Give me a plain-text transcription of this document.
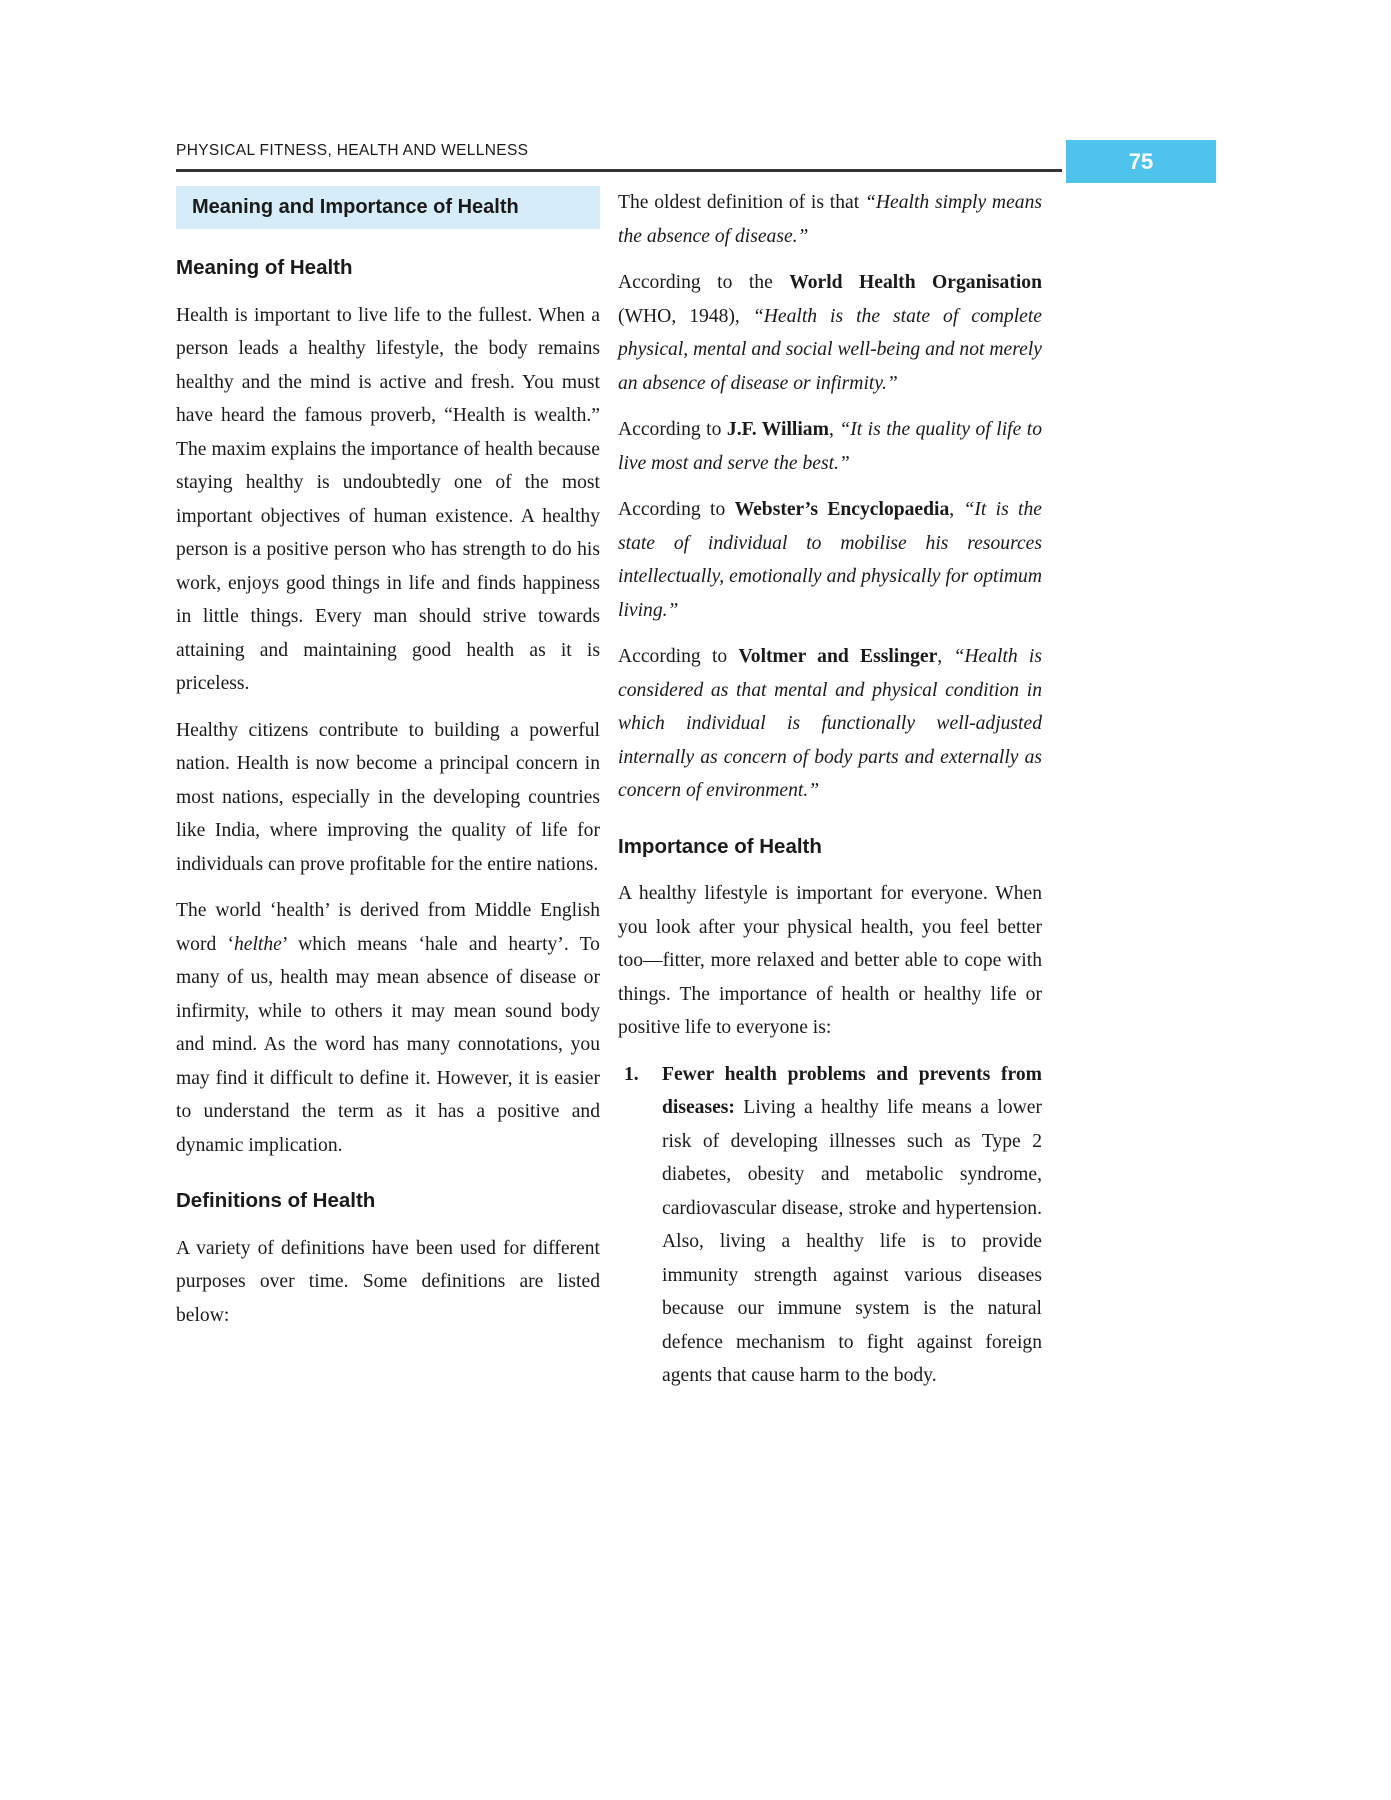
PHYSICAL FITNESS, HEALTH AND WELLNESS	75
Meaning and Importance of Health
Meaning of Health

Health is important to live life to the fullest. When a person leads a healthy lifestyle, the body remains healthy and the mind is active and fresh. You must have heard the famous proverb, “Health is wealth.” The maxim explains the importance of health because staying healthy is undoubtedly one of the most important objectives of human existence. A healthy person is a positive person who has strength to do his work, enjoys good things in life and finds happiness in little things. Every man should strive towards attaining and maintaining good health as it is priceless.

Healthy citizens contribute to building a powerful nation. Health is now become a principal concern in most nations, especially in the developing countries like India, where improving the quality of life for individuals can prove profitable for the entire nations.

The world ‘health’ is derived from Middle English word ‘helthe’ which means ‘hale and hearty’. To many of us, health may mean absence of disease or infirmity, while to others it may mean sound body and mind. As the word has many connotations, you may find it difficult to define it. However, it is easier to understand the term as it has a positive and dynamic implication.

Definitions of Health

A variety of definitions have been used for different purposes over time. Some definitions are listed below:

The oldest definition of is that “Health simply means the absence of disease.”

According to the World Health Organisation (WHO, 1948), “Health is the state of complete physical, mental and social well-being and not merely an absence of disease or infirmity.”

According to J.F. William, “It is the quality of life to live most and serve the best.”

According to Webster’s Encyclopaedia, “It is the state of individual to mobilise his resources intellectually, emotionally and physically for optimum living.”

According to Voltmer and Esslinger, “Health is considered as that mental and physical condition in which individual is functionally well-adjusted internally as concern of body parts and externally as concern of environment.”

Importance of Health

A healthy lifestyle is important for everyone. When you look after your physical health, you feel better too—fitter, more relaxed and better able to cope with things. The importance of health or healthy life or positive life to everyone is:

Fewer health problems and prevents from diseases: Living a healthy life means a lower risk of developing illnesses such as Type 2 diabetes, obesity and metabolic syndrome, cardiovascular disease, stroke and hypertension. Also, living a healthy life is to provide immunity strength against various diseases because our immune system is the natural defence mechanism to fight against foreign agents that cause harm to the body.
